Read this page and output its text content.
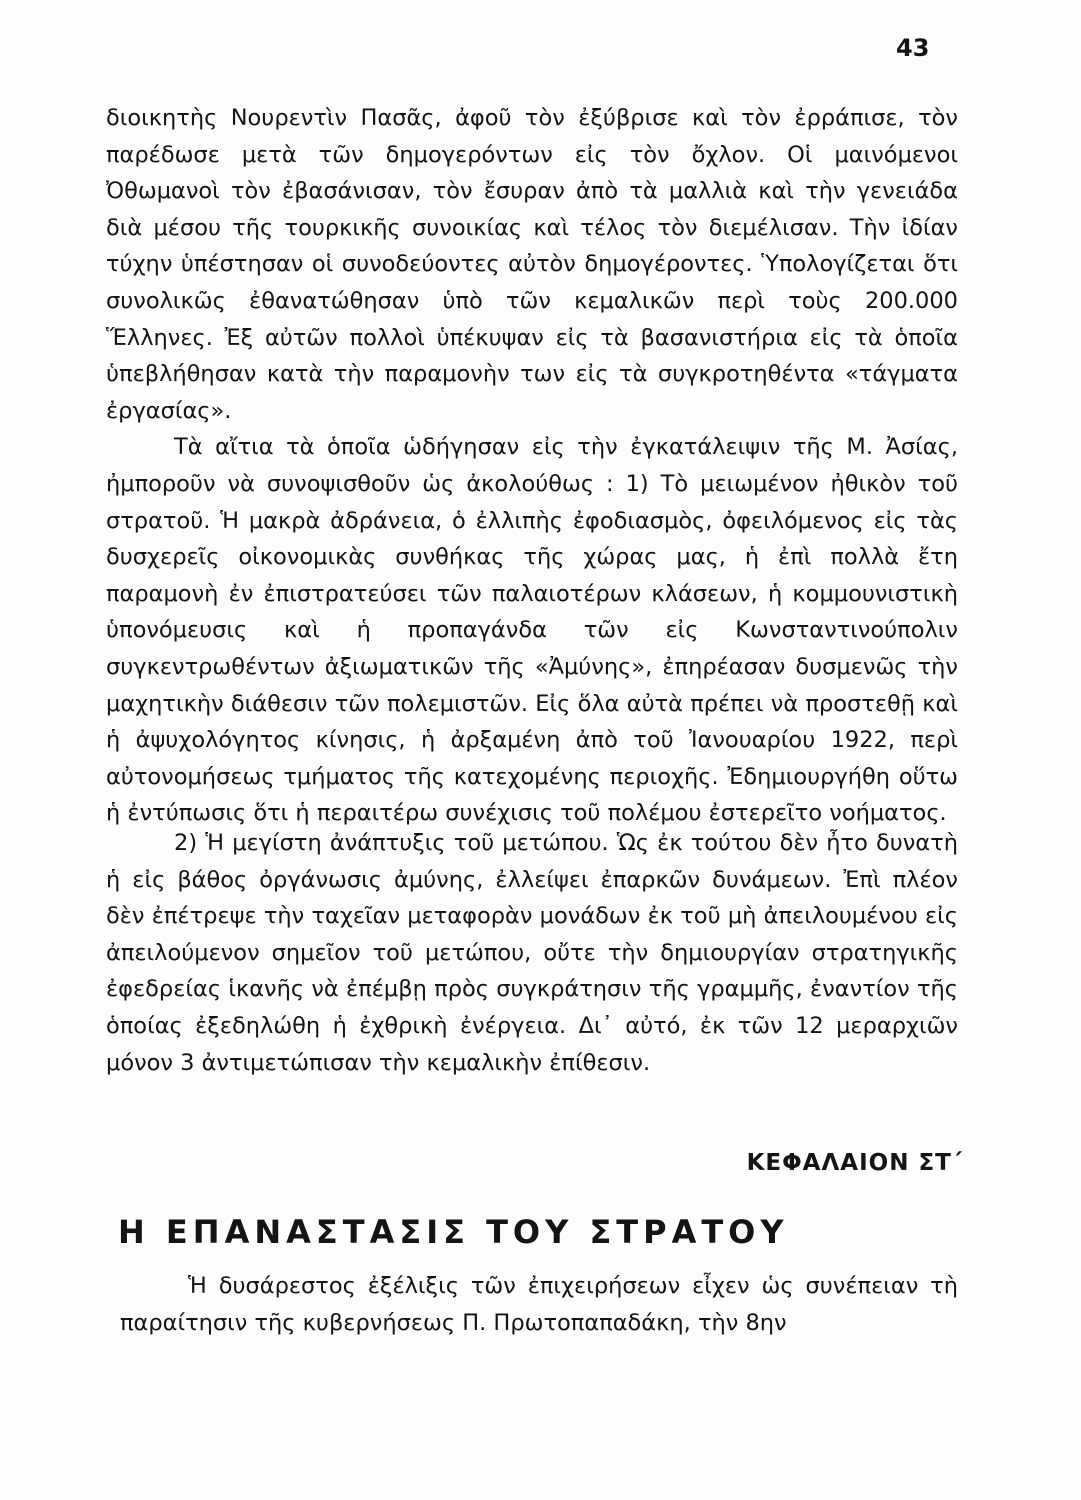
43

διοικητὴς Νουρεντὶν Πασᾶς, ἀφοῦ τὸν ἐξύβρισε καὶ τὸν ἐρράπισε, τὸν παρέδωσε μετὰ τῶν δημογερόντων εἰς τὸν ὄχλον. Οἱ μαινόμενοι Ὀθωμανοὶ τὸν ἐβασάνισαν, τὸν ἔσυραν ἀπὸ τὰ μαλλιὰ καὶ τὴν γενειάδα διὰ μέσου τῆς τουρκικῆς συνοικίας καὶ τέλος τὸν διεμέλισαν. Τὴν ἰδίαν τύχην ὑπέστησαν οἱ συνοδεύοντες αὐτὸν δημογέροντες. Ὑπολογίζεται ὅτι συνολικῶς ἐθανατώθησαν ὑπὸ τῶν κεμαλικῶν περὶ τοὺς 200.000 Ἕλληνες. Ἐξ αὐτῶν πολλοὶ ὑπέκυψαν εἰς τὰ βασανιστήρια εἰς τὰ ὁποῖα ὑπεβλήθησαν κατὰ τὴν παραμονὴν των εἰς τὰ συγκροτηθέντα «τάγματα ἐργασίας».

Τὰ αἴτια τὰ ὁποῖα ὡδήγησαν εἰς τὴν ἐγκατάλειψιν τῆς Μ. Ἀσίας, ἠμποροῦν νὰ συνοψισθοῦν ὡς ἀκολούθως : 1) Τὸ μειωμένον ἠθικὸν τοῦ στρατοῦ. Ἡ μακρὰ ἀδράνεια, ὁ ἐλλιπὴς ἐφοδιασμὸς, ὀφειλόμενος εἰς τὰς δυσχερεῖς οἰκονομικὰς συνθήκας τῆς χώρας μας, ἡ ἐπὶ πολλὰ ἔτη παραμονὴ ἐν ἐπιστρατεύσει τῶν παλαιοτέρων κλάσεων, ἡ κομμουνιστικὴ ὑπονόμευσις καὶ ἡ προπαγάνδα τῶν εἰς Κωνσταντινούπολιν συγκεντρωθέντων ἀξιωματικῶν τῆς «Ἀμύνης», ἐπηρέασαν δυσμενῶς τὴν μαχητικὴν διάθεσιν τῶν πολεμιστῶν. Εἰς ὅλα αὐτὰ πρέπει νὰ προστεθῇ καὶ ἡ ἀψυχολόγητος κίνησις, ἡ ἀρξαμένη ἀπὸ τοῦ Ἰανουαρίου 1922, περὶ αὐτονομήσεως τμήματος τῆς κατεχομένης περιοχῆς. Ἐδημιουργήθη οὕτω ἡ ἐντύπωσις ὅτι ἡ περαιτέρω συνέχισις τοῦ πολέμου ἐστερεῖτο νοήματος.

2) Ἡ μεγίστη ἀνάπτυξις τοῦ μετώπου. Ὡς ἐκ τούτου δὲν ἦτο δυνατὴ ἡ εἰς βάθος ὀργάνωσις ἀμύνης, ἐλλείψει ἐπαρκῶν δυνάμεων. Ἐπὶ πλέον δὲν ἐπέτρεψε τὴν ταχεῖαν μεταφορὰν μονάδων ἐκ τοῦ μὴ ἀπειλουμένου εἰς ἀπειλούμενον σημεῖον τοῦ μετώπου, οὔτε τὴν δημιουργίαν στρατηγικῆς ἐφεδρείας ἱκανῆς νὰ ἐπέμβῃ πρὸς συγκράτησιν τῆς γραμμῆς, ἐναντίον τῆς ὁποίας ἐξεδηλώθη ἡ ἐχθρικὴ ἐνέργεια. Δι᾿ αὐτό, ἐκ τῶν 12 μεραρχιῶν μόνον 3 ἀντιμετώπισαν τὴν κεμαλικὴν ἐπίθεσιν.

ΚΕΦΑΛΑΙΟΝ ΣΤ΄
Η ΕΠΑΝΑΣΤΑΣΙΣ ΤΟΥ ΣΤΡΑΤΟΥ

Ἡ δυσάρεστος ἐξέλιξις τῶν ἐπιχειρήσεων εἶχεν ὡς συνέπειαν τὴ παραίτησιν τῆς κυβερνήσεως Π. Πρωτοπαπαδάκη, τὴν 8ην
